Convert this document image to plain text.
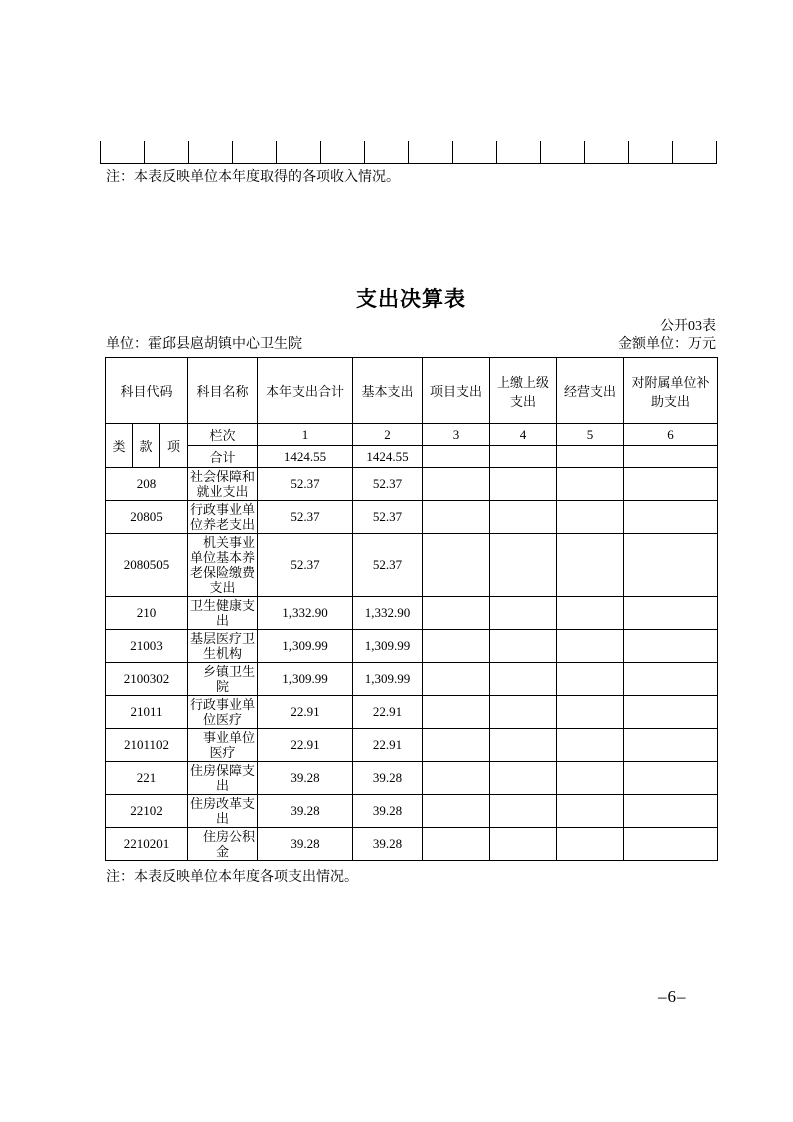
注：本表反映单位本年度取得的各项收入情况。
支出决算表
公开03表
单位：霍邱县扈胡镇中心卫生院	金额单位：万元
科目代码			科目名称	本年支出合计	基本支出	项目支出	上缴上级支出	经营支出	对附属单位补助支出
类	款	项	栏次	1	2	3	4	5	6
			合计	1424.55	1424.55				
208			社会保障和就业支出	52.37	52.37				
20805			行政事业单位养老支出	52.37	52.37				
2080505			　机关事业单位基本养老保险缴费支出	52.37	52.37				
210			卫生健康支出	1,332.90	1,332.90				
21003			基层医疗卫生机构	1,309.99	1,309.99				
2100302			　乡镇卫生院	1,309.99	1,309.99				
21011			行政事业单位医疗	22.91	22.91				
2101102			　事业单位医疗	22.91	22.91				
221			住房保障支出	39.28	39.28				
22102			住房改革支出	39.28	39.28				
2210201			　住房公积金	39.28	39.28				
注：本表反映单位本年度各项支出情况。
–6–
